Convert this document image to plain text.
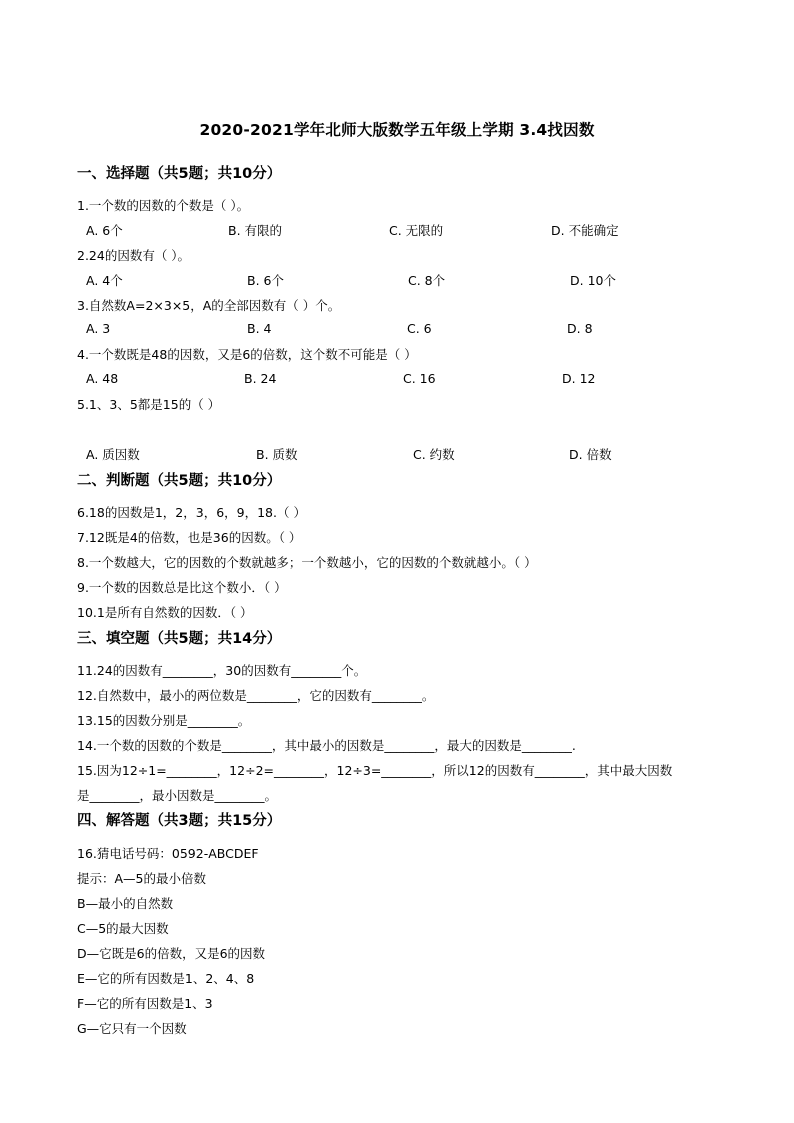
2020-2021学年北师大版数学五年级上学期 3.4找因数
一、选择题（共5题；共10分）
1.一个数的因数的个数是（ ）。
A. 6个	B. 有限的	C. 无限的	D. 不能确定
2.24的因数有（ ）。
A. 4个	B. 6个	C. 8个	D. 10个
3.自然数A=2×3×5，A的全部因数有（ ）个。
A. 3	B. 4	C. 6	D. 8
4.一个数既是48的因数，又是6的倍数，这个数不可能是（ ）
A. 48	B. 24	C. 16	D. 12
5.1、3、5都是15的（ ）
A. 质因数	B. 质数	C. 约数	D. 倍数
二、判断题（共5题；共10分）
6.18的因数是1，2，3，6，9，18.（ ）
7.12既是4的倍数，也是36的因数。（ ）
8.一个数越大，它的因数的个数就越多；一个数越小，它的因数的个数就越小。（ ）
9.一个数的因数总是比这个数小．（ ）
10.1是所有自然数的因数．（ ）
三、填空题（共5题；共14分）
11.24的因数有________，30的因数有________个。
12.自然数中，最小的两位数是________，它的因数有________。
13.15的因数分别是________。
14.一个数的因数的个数是________，其中最小的因数是________，最大的因数是________.
15.因为12÷1=________，12÷2=________，12÷3=________，所以12的因数有________，其中最大因数
是________，最小因数是________。
四、解答题（共3题；共15分）
16.猜电话号码：0592-ABCDEF
提示：A—5的最小倍数
B—最小的自然数
C—5的最大因数
D—它既是6的倍数，又是6的因数
E—它的所有因数是1、2、4、8
F—它的所有因数是1、3
G—它只有一个因数
